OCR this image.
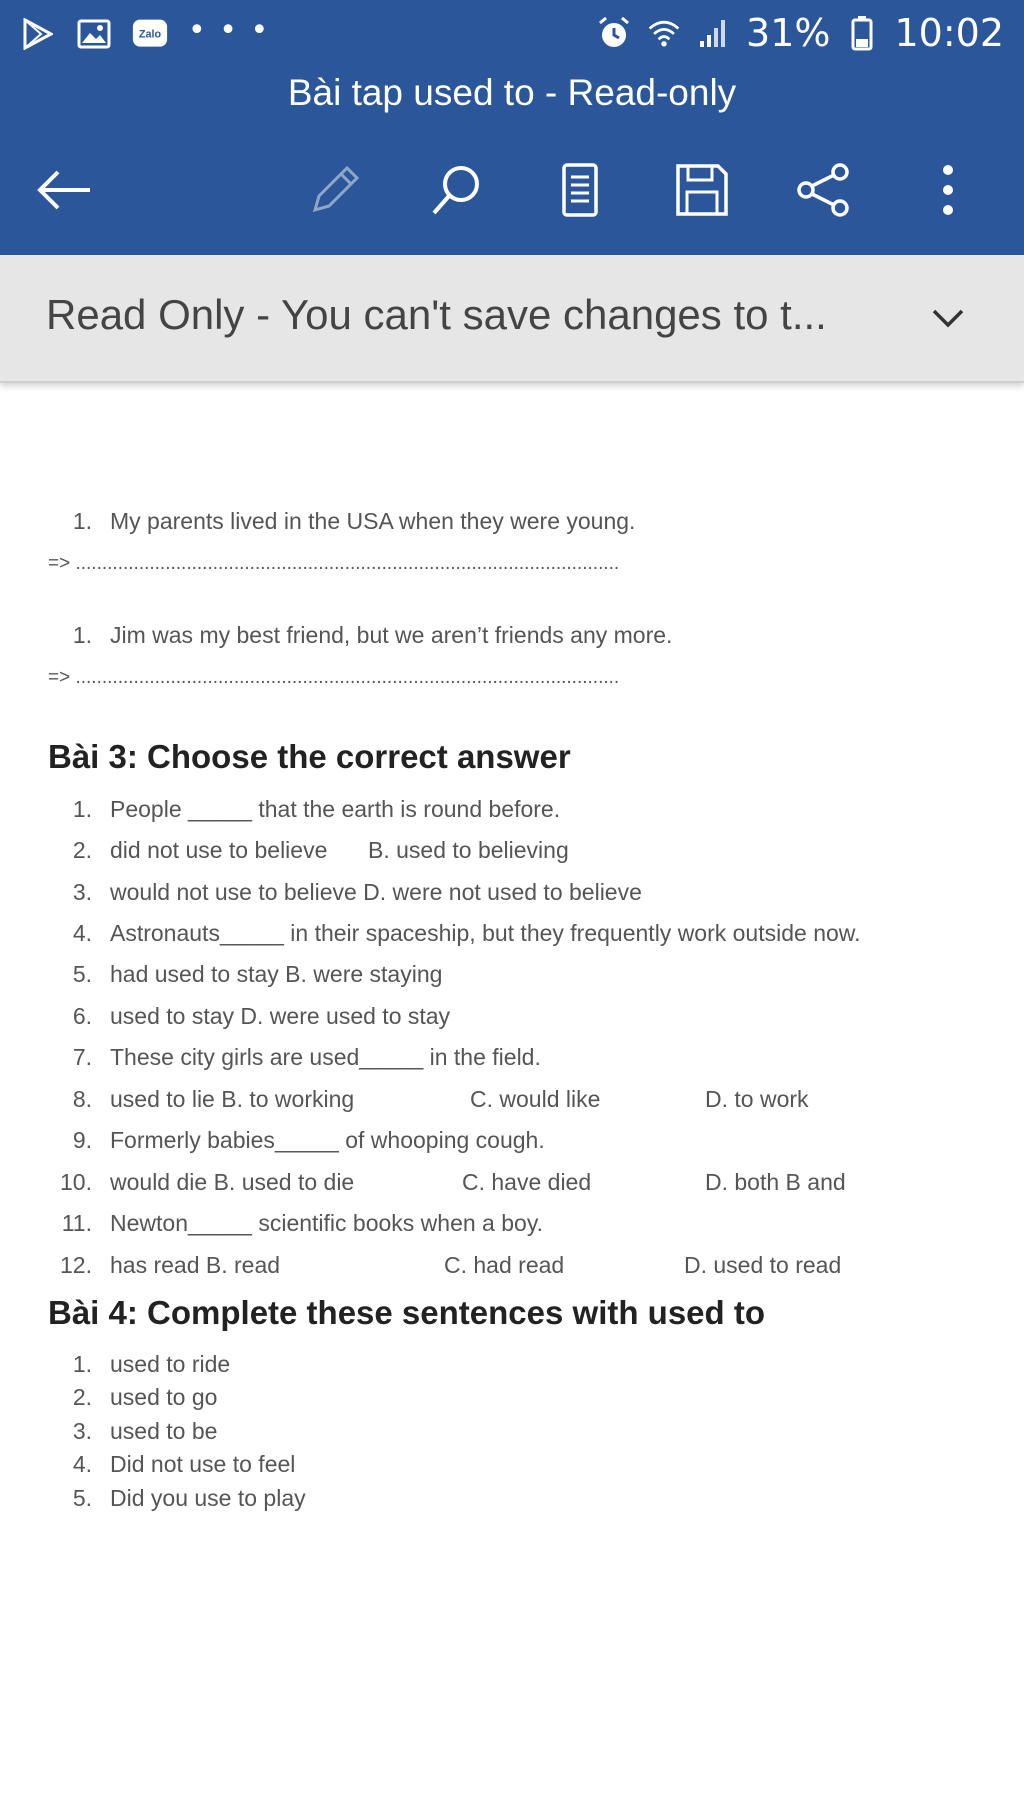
Zalo • • •	31% 10:02
Bài tap used to - Read-only
Read Only - You can't save changes to t...
1. My parents lived in the USA when they were young.
=> .......................................................................................................
1. Jim was my best friend, but we aren’t friends any more.
=> .......................................................................................................
Bài 3: Choose the correct answer
1. People _____ that the earth is round before.
2. did not use to believe B. used to believing
3. would not use to believe D. were not used to believe
4. Astronauts_____ in their spaceship, but they frequently work outside now.
5. had used to stay B. were staying
6. used to stay D. were used to stay
7. These city girls are used_____ in the field.
8. used to lie B. to working	C. would like	D. to work
9. Formerly babies_____ of whooping cough.
10. would die B. used to die	C. have died	D. both B and
11. Newton_____ scientific books when a boy.
12. has read B. read	C. had read	D. used to read
Bài 4: Complete these sentences with used to
1. used to ride
2. used to go
3. used to be
4. Did not use to feel
5. Did you use to play
